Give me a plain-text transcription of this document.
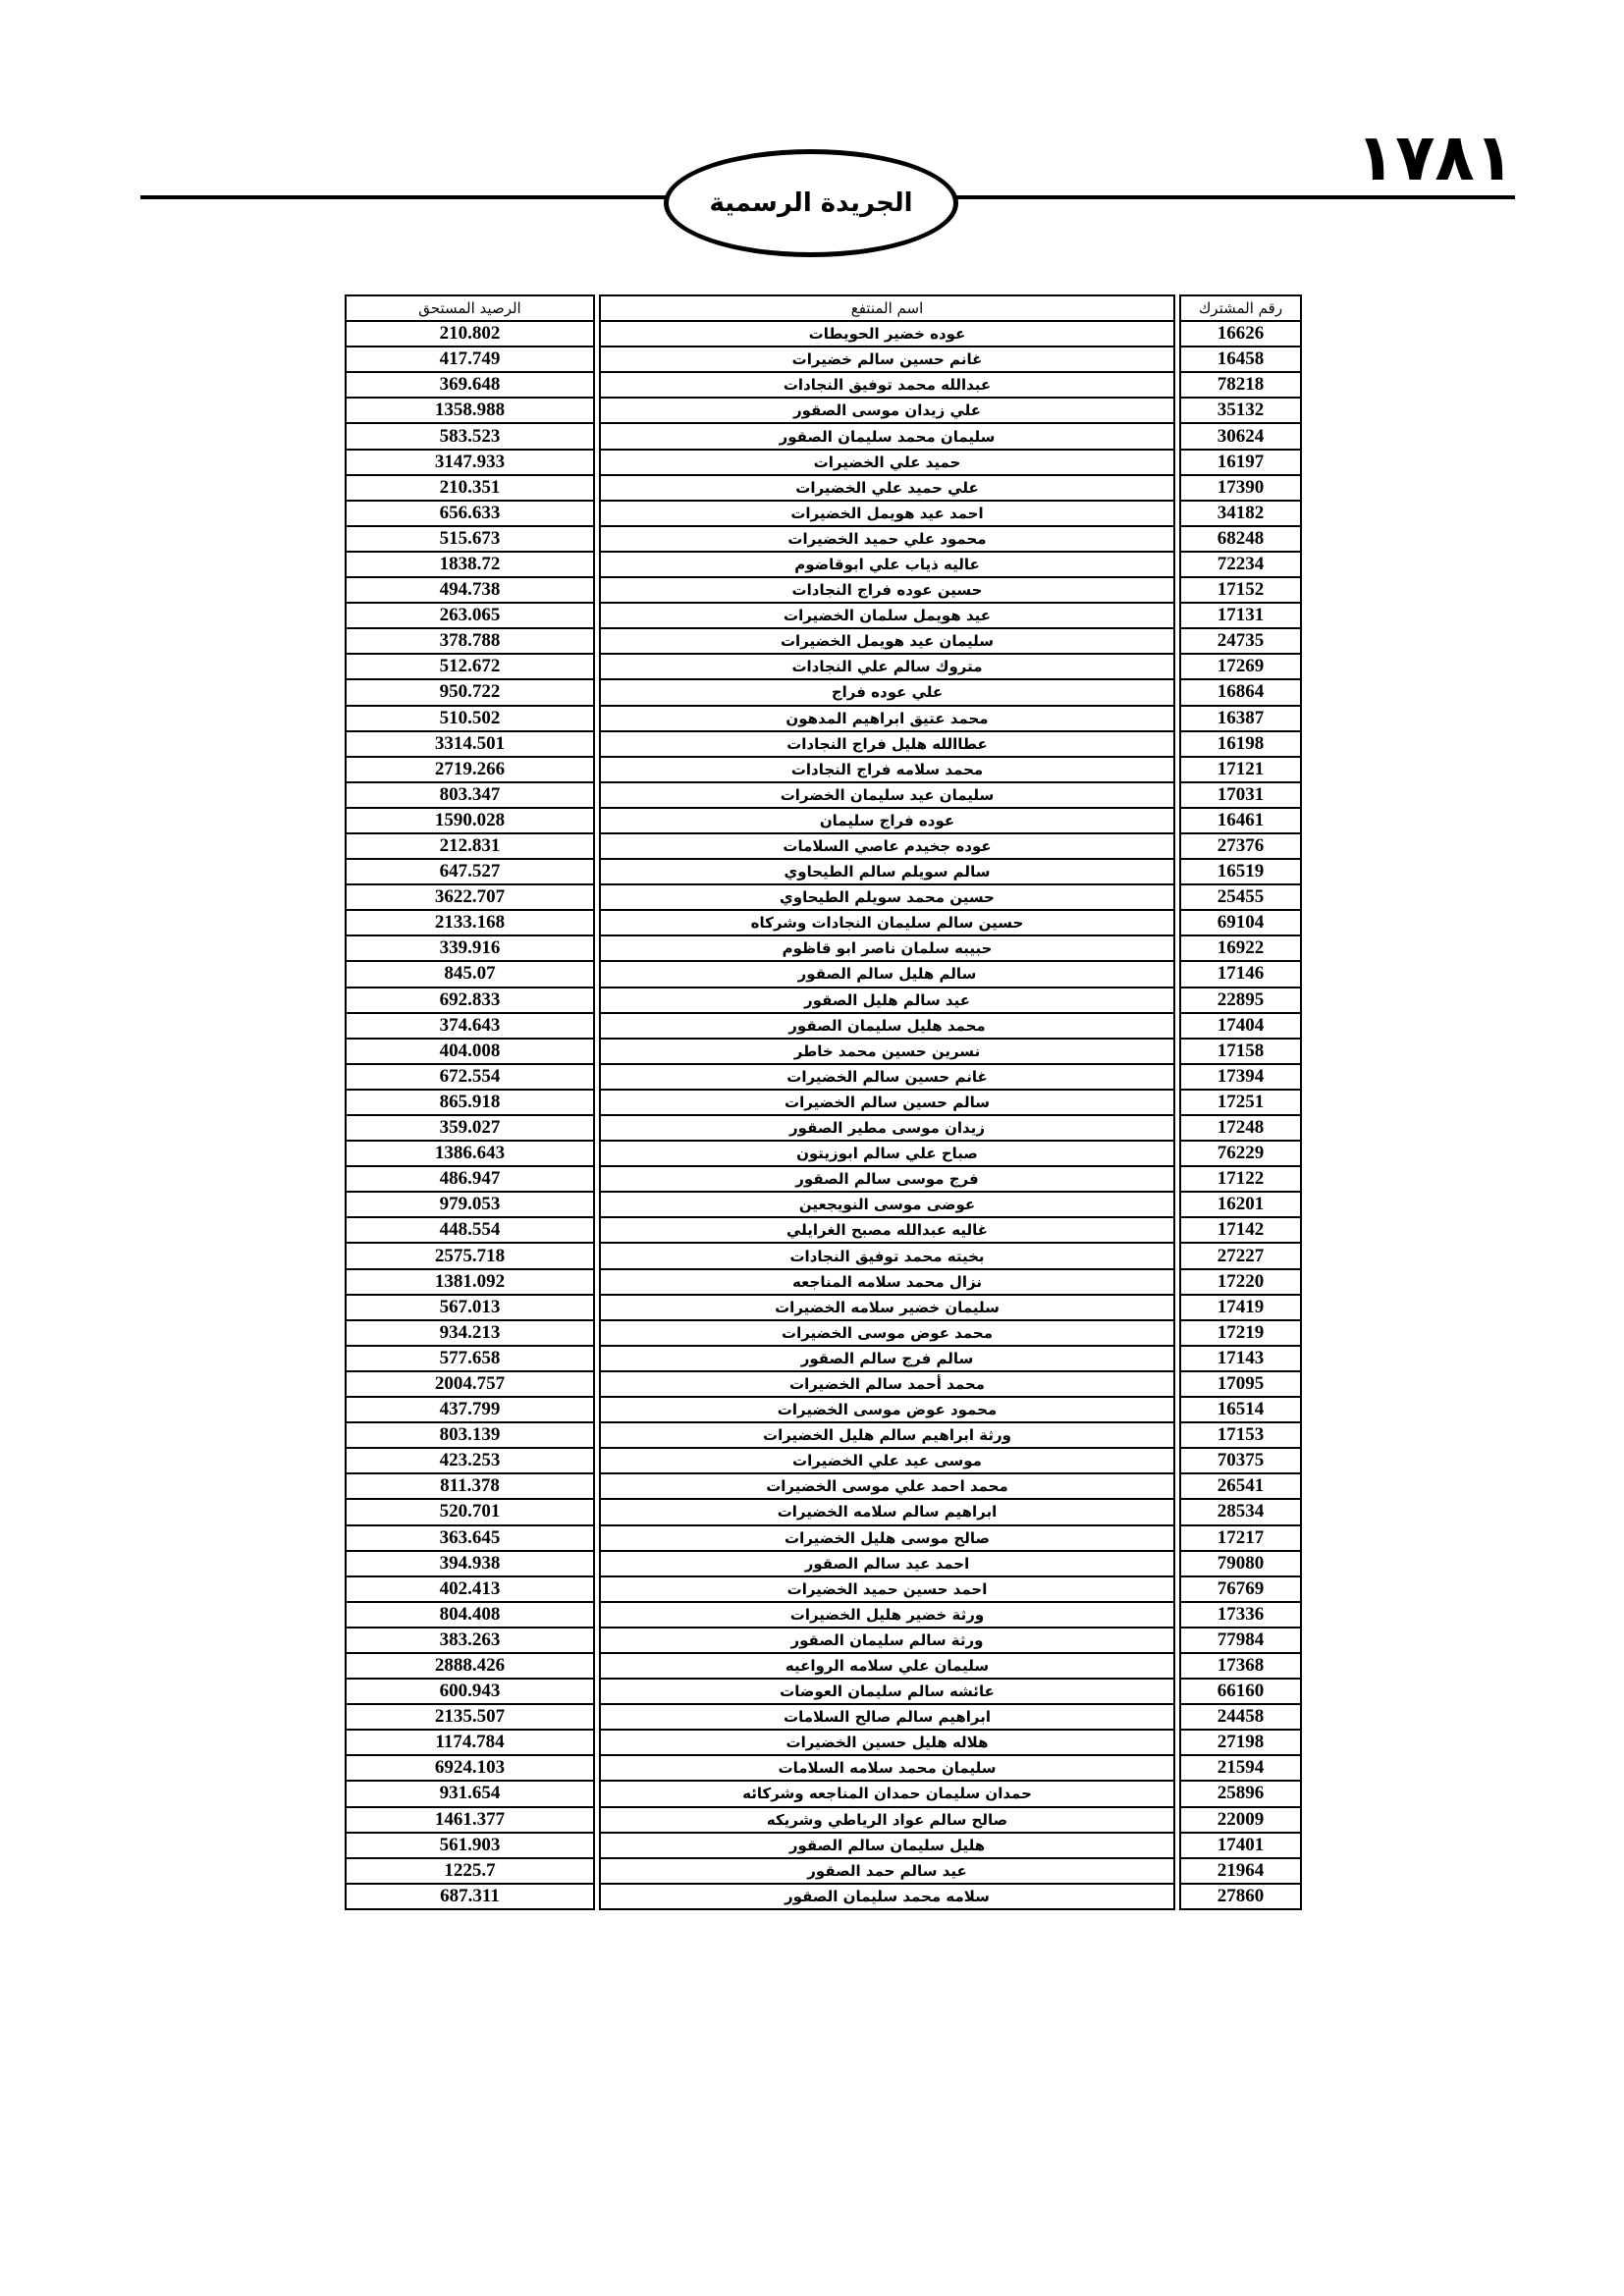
١٧٨١
الجريدة الرسمية
رقم المشترك		اسم المنتفع		الرصيد المستحق
16626		عوده خضير الحويطات		210.802
16458		غانم حسين سالم خضيرات		417.749
78218		عبدالله محمد توفيق النجادات		369.648
35132		علي زيدان موسى الصقور		1358.988
30624		سليمان محمد سليمان الصقور		583.523
16197		حميد علي الخضيرات		3147.933
17390		علي حميد علي الخضيرات		210.351
34182		احمد عيد هويمل الخضيرات		656.633
68248		محمود علي حميد الخضيرات		515.673
72234		عاليه ذياب علي ابوقاضوم		1838.72
17152		حسين عوده فراج النجادات		494.738
17131		عيد هويمل سلمان الخضيرات		263.065
24735		سليمان عيد هويمل الخضيرات		378.788
17269		متروك سالم علي النجادات		512.672
16864		علي عوده فراج		950.722
16387		محمد عتيق ابراهيم المدهون		510.502
16198		عطاالله هليل فراج النجادات		3314.501
17121		محمد سلامه فراج النجادات		2719.266
17031		سليمان عيد سليمان الخضرات		803.347
16461		عوده فراج سليمان		1590.028
27376		عوده جخيدم عاصي السلامات		212.831
16519		سالم سويلم سالم الطيحاوي		647.527
25455		حسين محمد سويلم الطيحاوي		3622.707
69104		حسين سالم سليمان النجادات وشركاه		2133.168
16922		حبيبه سلمان ناصر ابو قاظوم		339.916
17146		سالم هليل سالم الصقور		845.07
22895		عيد سالم هليل الصقور		692.833
17404		محمد هليل سليمان الصقور		374.643
17158		نسرين حسين محمد خاطر		404.008
17394		غانم حسين سالم الخضيرات		672.554
17251		سالم حسين سالم الخضيرات		865.918
17248		زيدان موسى مطير الصقور		359.027
76229		صباح علي سالم ابوزيتون		1386.643
17122		فرج موسى سالم الصقور		486.947
16201		عوضى موسى النويجعين		979.053
17142		غاليه عبدالله مصبح الغرايلي		448.554
27227		بخيته محمد توفيق النجادات		2575.718
17220		نزال محمد سلامه المناجعه		1381.092
17419		سليمان خضير سلامه الخضيرات		567.013
17219		محمد عوض موسى الخضيرات		934.213
17143		سالم فرج سالم الصقور		577.658
17095		محمد أحمد سالم الخضيرات		2004.757
16514		محمود عوض موسى الخضيرات		437.799
17153		ورثة ابراهيم سالم هليل الخضيرات		803.139
70375		موسى عيد علي الخضيرات		423.253
26541		محمد احمد علي موسى الخضيرات		811.378
28534		ابراهيم سالم سلامه الخضيرات		520.701
17217		صالح موسى هليل الخضيرات		363.645
79080		احمد عيد سالم الصقور		394.938
76769		احمد حسين حميد الخضيرات		402.413
17336		ورثة خضير هليل الخضيرات		804.408
77984		ورثة سالم سليمان الصقور		383.263
17368		سليمان علي سلامه الرواعيه		2888.426
66160		عائشه سالم سليمان العوضات		600.943
24458		ابراهيم سالم صالح السلامات		2135.507
27198		هلاله هليل حسين الخضيرات		1174.784
21594		سليمان محمد سلامه السلامات		6924.103
25896		حمدان سليمان حمدان المناجعه وشركائه		931.654
22009		صالح سالم عواد الرياطي وشريكه		1461.377
17401		هليل سليمان سالم الصقور		561.903
21964		عيد سالم حمد الصقور		1225.7
27860		سلامه محمد سليمان الصقور		687.311
